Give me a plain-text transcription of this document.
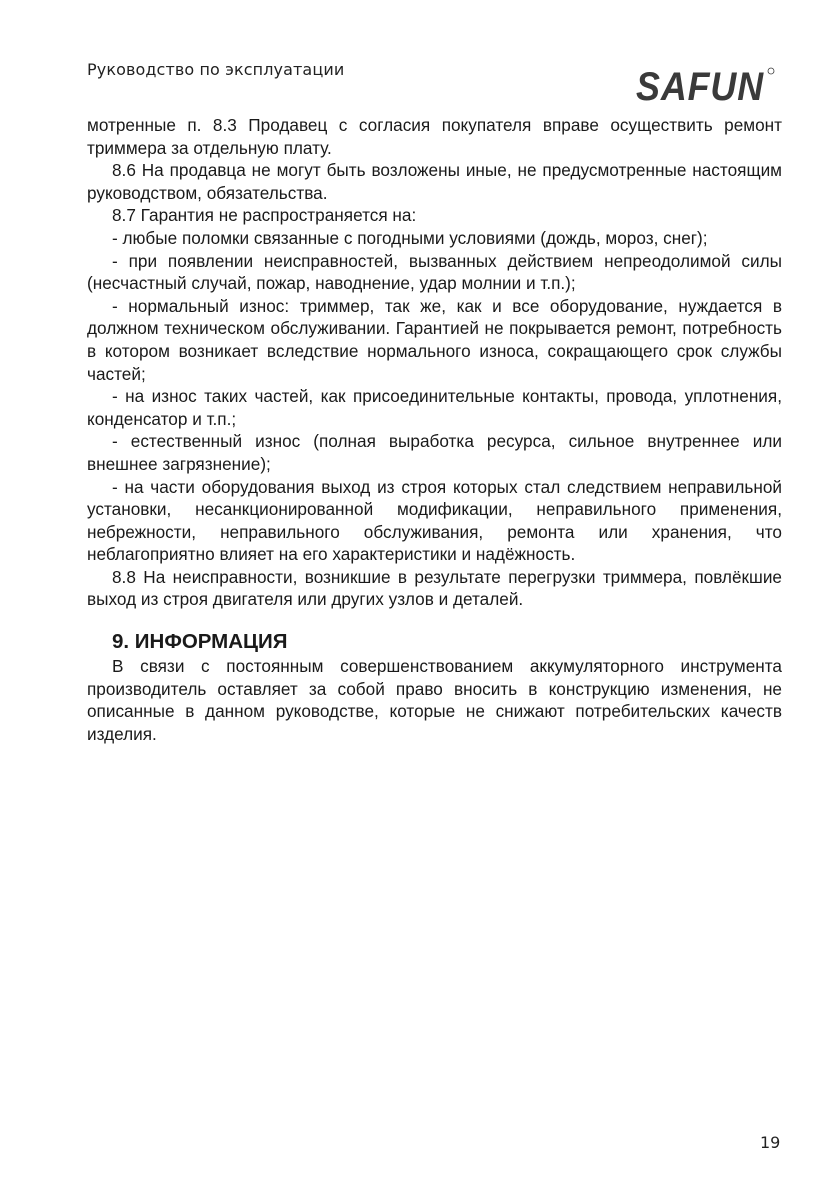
Руководство по эксплуатации	SAFUN

мотренные п. 8.3 Продавец с согласия покупателя вправе осуществить ремонт триммера за отдельную плату.

8.6 На продавца не могут быть возложены иные, не предусмотренные настоящим руководством, обязательства.

8.7 Гарантия не распространяется на:

- любые поломки связанные с погодными условиями (дождь, мороз, снег);

- при появлении неисправностей, вызванных действием непреодолимой силы (несчастный случай, пожар, наводнение, удар молнии и т.п.);

- нормальный износ: триммер, так же, как и все оборудование, нуждается в должном техническом обслуживании. Гарантией не покрывается ремонт, потребность в котором возникает вследствие нормального износа, сокращающего срок службы частей;

- на износ таких частей, как присоединительные контакты, провода, уплотнения, конденсатор и т.п.;

- естественный износ (полная выработка ресурса, сильное внутреннее или внешнее загрязнение);

- на части оборудования выход из строя которых стал следствием неправильной установки, несанкционированной модификации, неправильного применения, небрежности, неправильного обслуживания, ремонта или хранения, что неблагоприятно влияет на его характеристики и надёжность.

8.8 На неисправности, возникшие в результате перегрузки триммера, повлёкшие выход из строя двигателя или других узлов и деталей.

9. ИНФОРМАЦИЯ

В связи с постоянным совершенствованием аккумуляторного инструмента производитель оставляет за собой право вносить в конструкцию изменения, не описанные в данном руководстве, которые не снижают потребительских качеств изделия.

19
